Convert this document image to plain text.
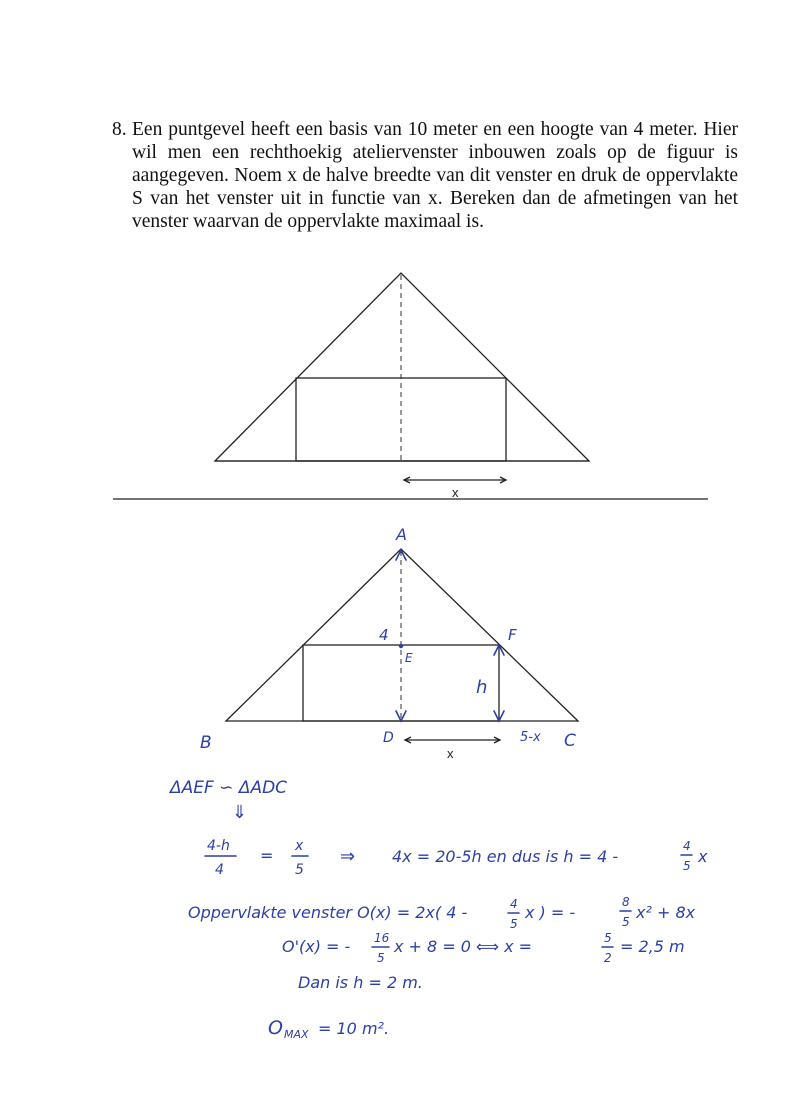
8. Een puntgevel heeft een basis van 10 meter en een hoogte van 4 meter. Hier wil men een rechthoekig ateliervenster inbouwen zoals op de figuur is aangegeven. Noem x de halve breedte van dit venster en druk de oppervlakte S van het venster uit in functie van x. Bereken dan de afmetingen van het venster waarvan de oppervlakte maximaal is.

x
x
A
B	C
D
E
F
4
h
5-x
ΔAEF ∽ ΔADC
⇓
4-h
4
= x
5
⇒ 4x = 20-5h en dus is h = 4 -
4
5 x
Oppervlakte venster O(x) = 2x( 4 -	4
5
x ) = -
8
5 x² + 8x
O'(x) = - 16
5
x + 8 = 0 ⟺ x =	5
2
= 2,5 m
Dan is h = 2 m.
O MAX = 10 m².
